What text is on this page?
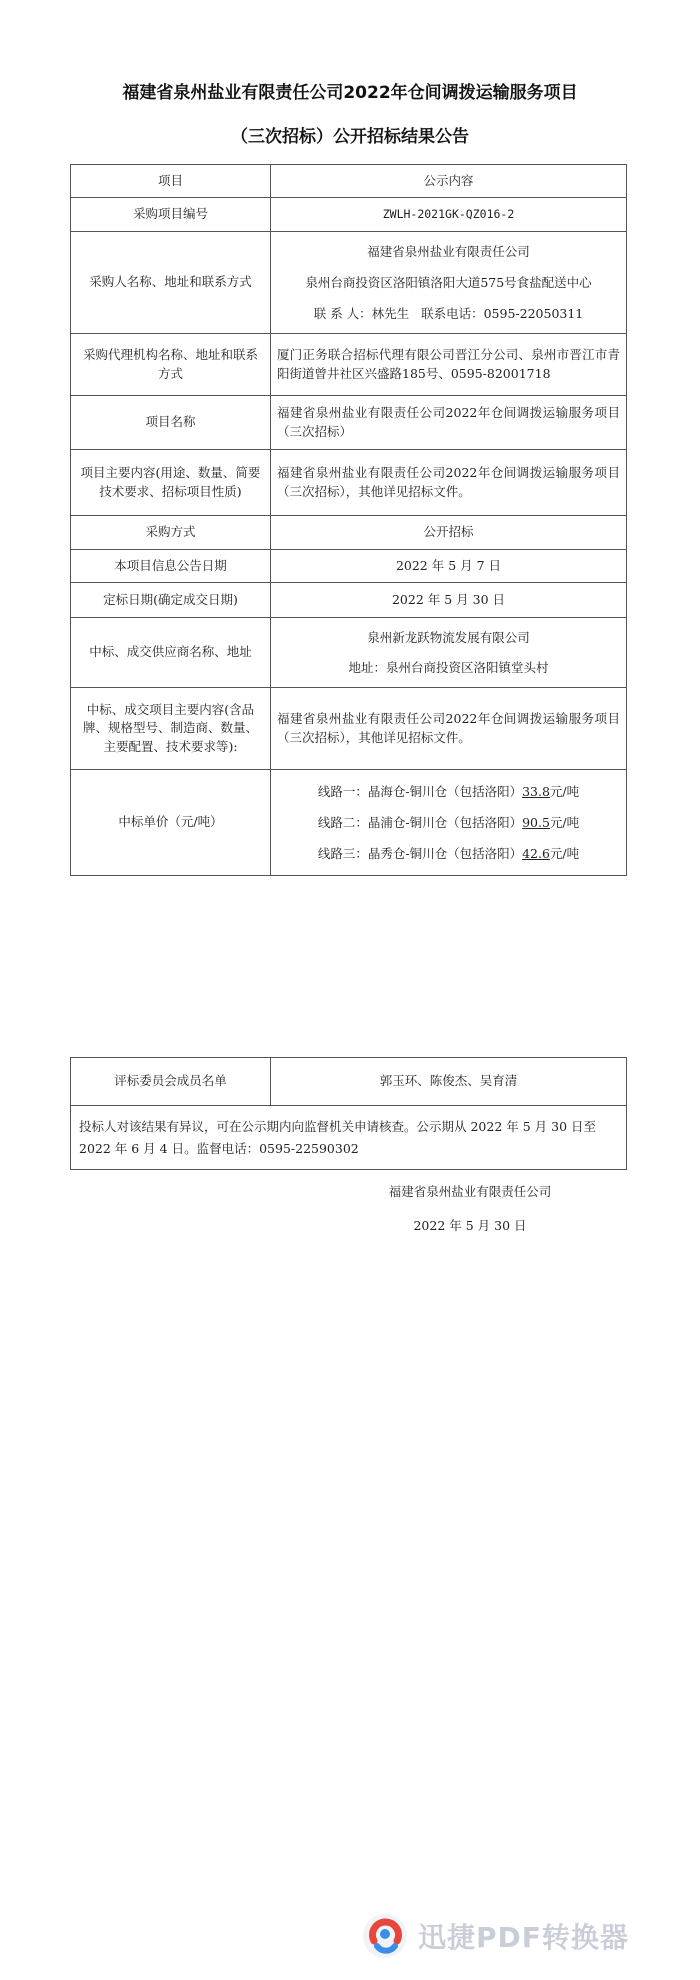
福建省泉州盐业有限责任公司2022年仓间调拨运输服务项目
（三次招标）公开招标结果公告
项目	公示内容
采购项目编号	ZWLH-2021GK-QZ016-2
采购人名称、地址和联系方式	福建省泉州盐业有限责任公司
泉州台商投资区洛阳镇洛阳大道575号食盐配送中心
联 系 人：林先生   联系电话：0595-22050311

采购代理机构名称、地址和联系方式	厦门正务联合招标代理有限公司晋江分公司、泉州市晋江市青阳街道曾井社区兴盛路185号、0595-82001718
项目名称	福建省泉州盐业有限责任公司2022年仓间调拨运输服务项目（三次招标）
项目主要内容(用途、数量、简要技术要求、招标项目性质)	福建省泉州盐业有限责任公司2022年仓间调拨运输服务项目（三次招标），其他详见招标文件。
采购方式	公开招标
本项目信息公告日期	2022 年 5 月 7 日
定标日期(确定成交日期)	2022 年 5 月 30 日
中标、成交供应商名称、地址	泉州新龙跃物流发展有限公司
地址：泉州台商投资区洛阳镇堂头村

中标、成交项目主要内容(含品牌、规格型号、制造商、数量、主要配置、技术要求等):	福建省泉州盐业有限责任公司2022年仓间调拨运输服务项目（三次招标），其他详见招标文件。
中标单价（元/吨）	线路一：晶海仓-铜川仓（包括洛阳）33.8元/吨
线路二：晶浦仓-铜川仓（包括洛阳）90.5元/吨
线路三：晶秀仓-铜川仓（包括洛阳）42.6元/吨
评标委员会成员名单	郭玉环、陈俊杰、吴育清
投标人对该结果有异议，可在公示期内向监督机关申请核查。公示期从 2022 年 5 月 30 日至 2022 年 6 月 4 日。监督电话：0595-22590302
福建省泉州盐业有限责任公司
2022 年 5 月 30 日
迅捷PDF转换器
